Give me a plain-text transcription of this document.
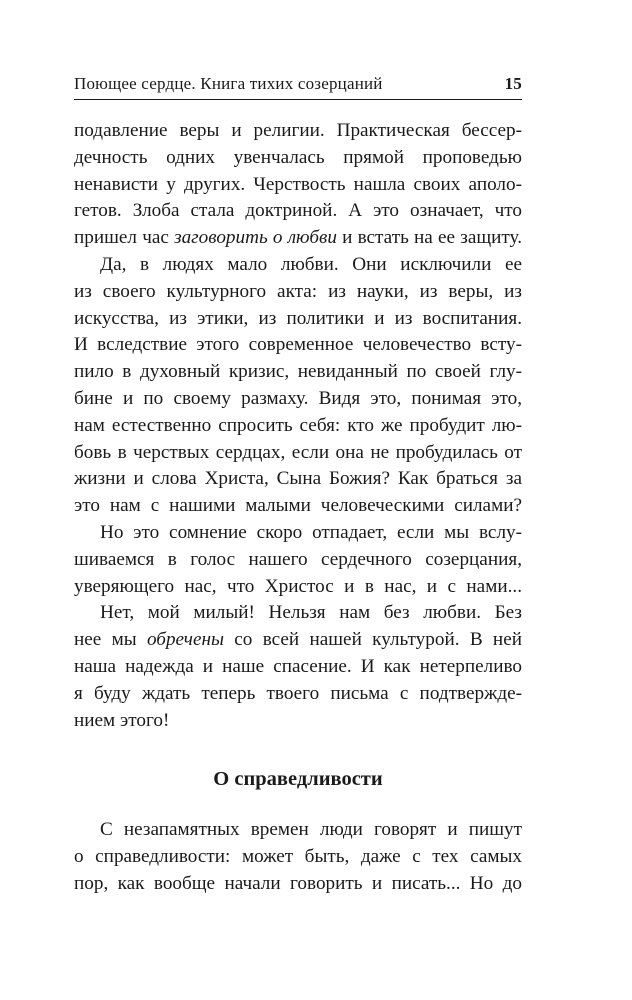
Поющее сердце. Книга тихих созерцаний	15
подавление веры и религии. Практическая бессер-
дечность одних увенчалась прямой проповедью
ненависти у других. Черствость нашла своих аполо-
гетов. Злоба стала доктриной. А это означает, что
пришел час заговорить о любви и встать на ее защиту.
Да, в людях мало любви. Они исключили ее
из своего культурного акта: из науки, из веры, из
искусства, из этики, из политики и из воспитания.
И вследствие этого современное человечество всту-
пило в духовный кризис, невиданный по своей глу-
бине и по своему размаху. Видя это, понимая это,
нам естественно спросить себя: кто же пробудит лю-
бовь в черствых сердцах, если она не пробудилась от
жизни и слова Христа, Сына Божия? Как браться за
это нам с нашими малыми человеческими силами?
Но это сомнение скоро отпадает, если мы вслу-
шиваемся в голос нашего сердечного созерцания,
уверяющего нас, что Христос и в нас, и с нами...
Нет, мой милый! Нельзя нам без любви. Без
нее мы обречены со всей нашей культурой. В ней
наша надежда и наше спасение. И как нетерпеливо
я буду ждать теперь твоего письма с подтвержде-
нием этого!
О справедливости
С незапамятных времен люди говорят и пишут
о справедливости: может быть, даже с тех самых
пор, как вообще начали говорить и писать... Но до
